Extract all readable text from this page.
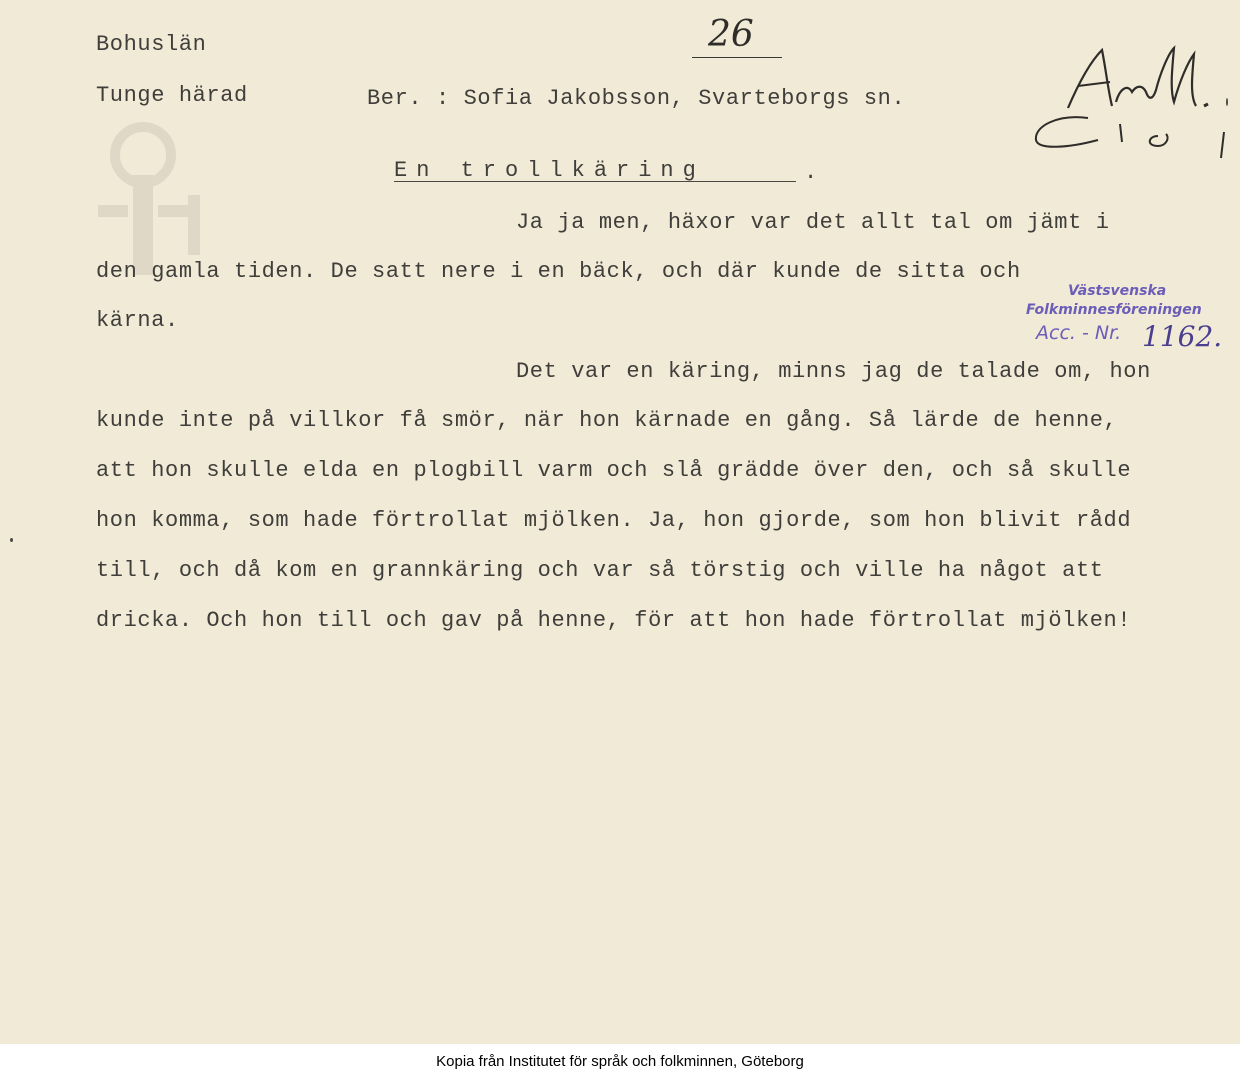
Bohuslän
Tunge härad	Ber. : Sofia Jakobsson, Svarteborgs sn.
26
En trollkäring	.
Ja ja men, häxor var det allt tal om jämt i
den gamla tiden. De satt nere i en bäck, och där kunde de sitta och
kärna.
Det var en käring, minns jag de talade om, hon
kunde inte på villkor få smör, när hon kärnade en gång. Så lärde de henne,
att hon skulle elda en plogbill varm och slå grädde över den, och så skulle
hon komma, som hade förtrollat mjölken. Ja, hon gjorde, som hon blivit rådd
till, och då kom en grannkäring och var så törstig och ville ha något att
dricka. Och hon till och gav på henne, för att hon hade förtrollat mjölken!
Västsvenska
Folkminnesföreningen
Acc. - Nr. 1162.
Kopia från Institutet för språk och folkminnen, Göteborg
